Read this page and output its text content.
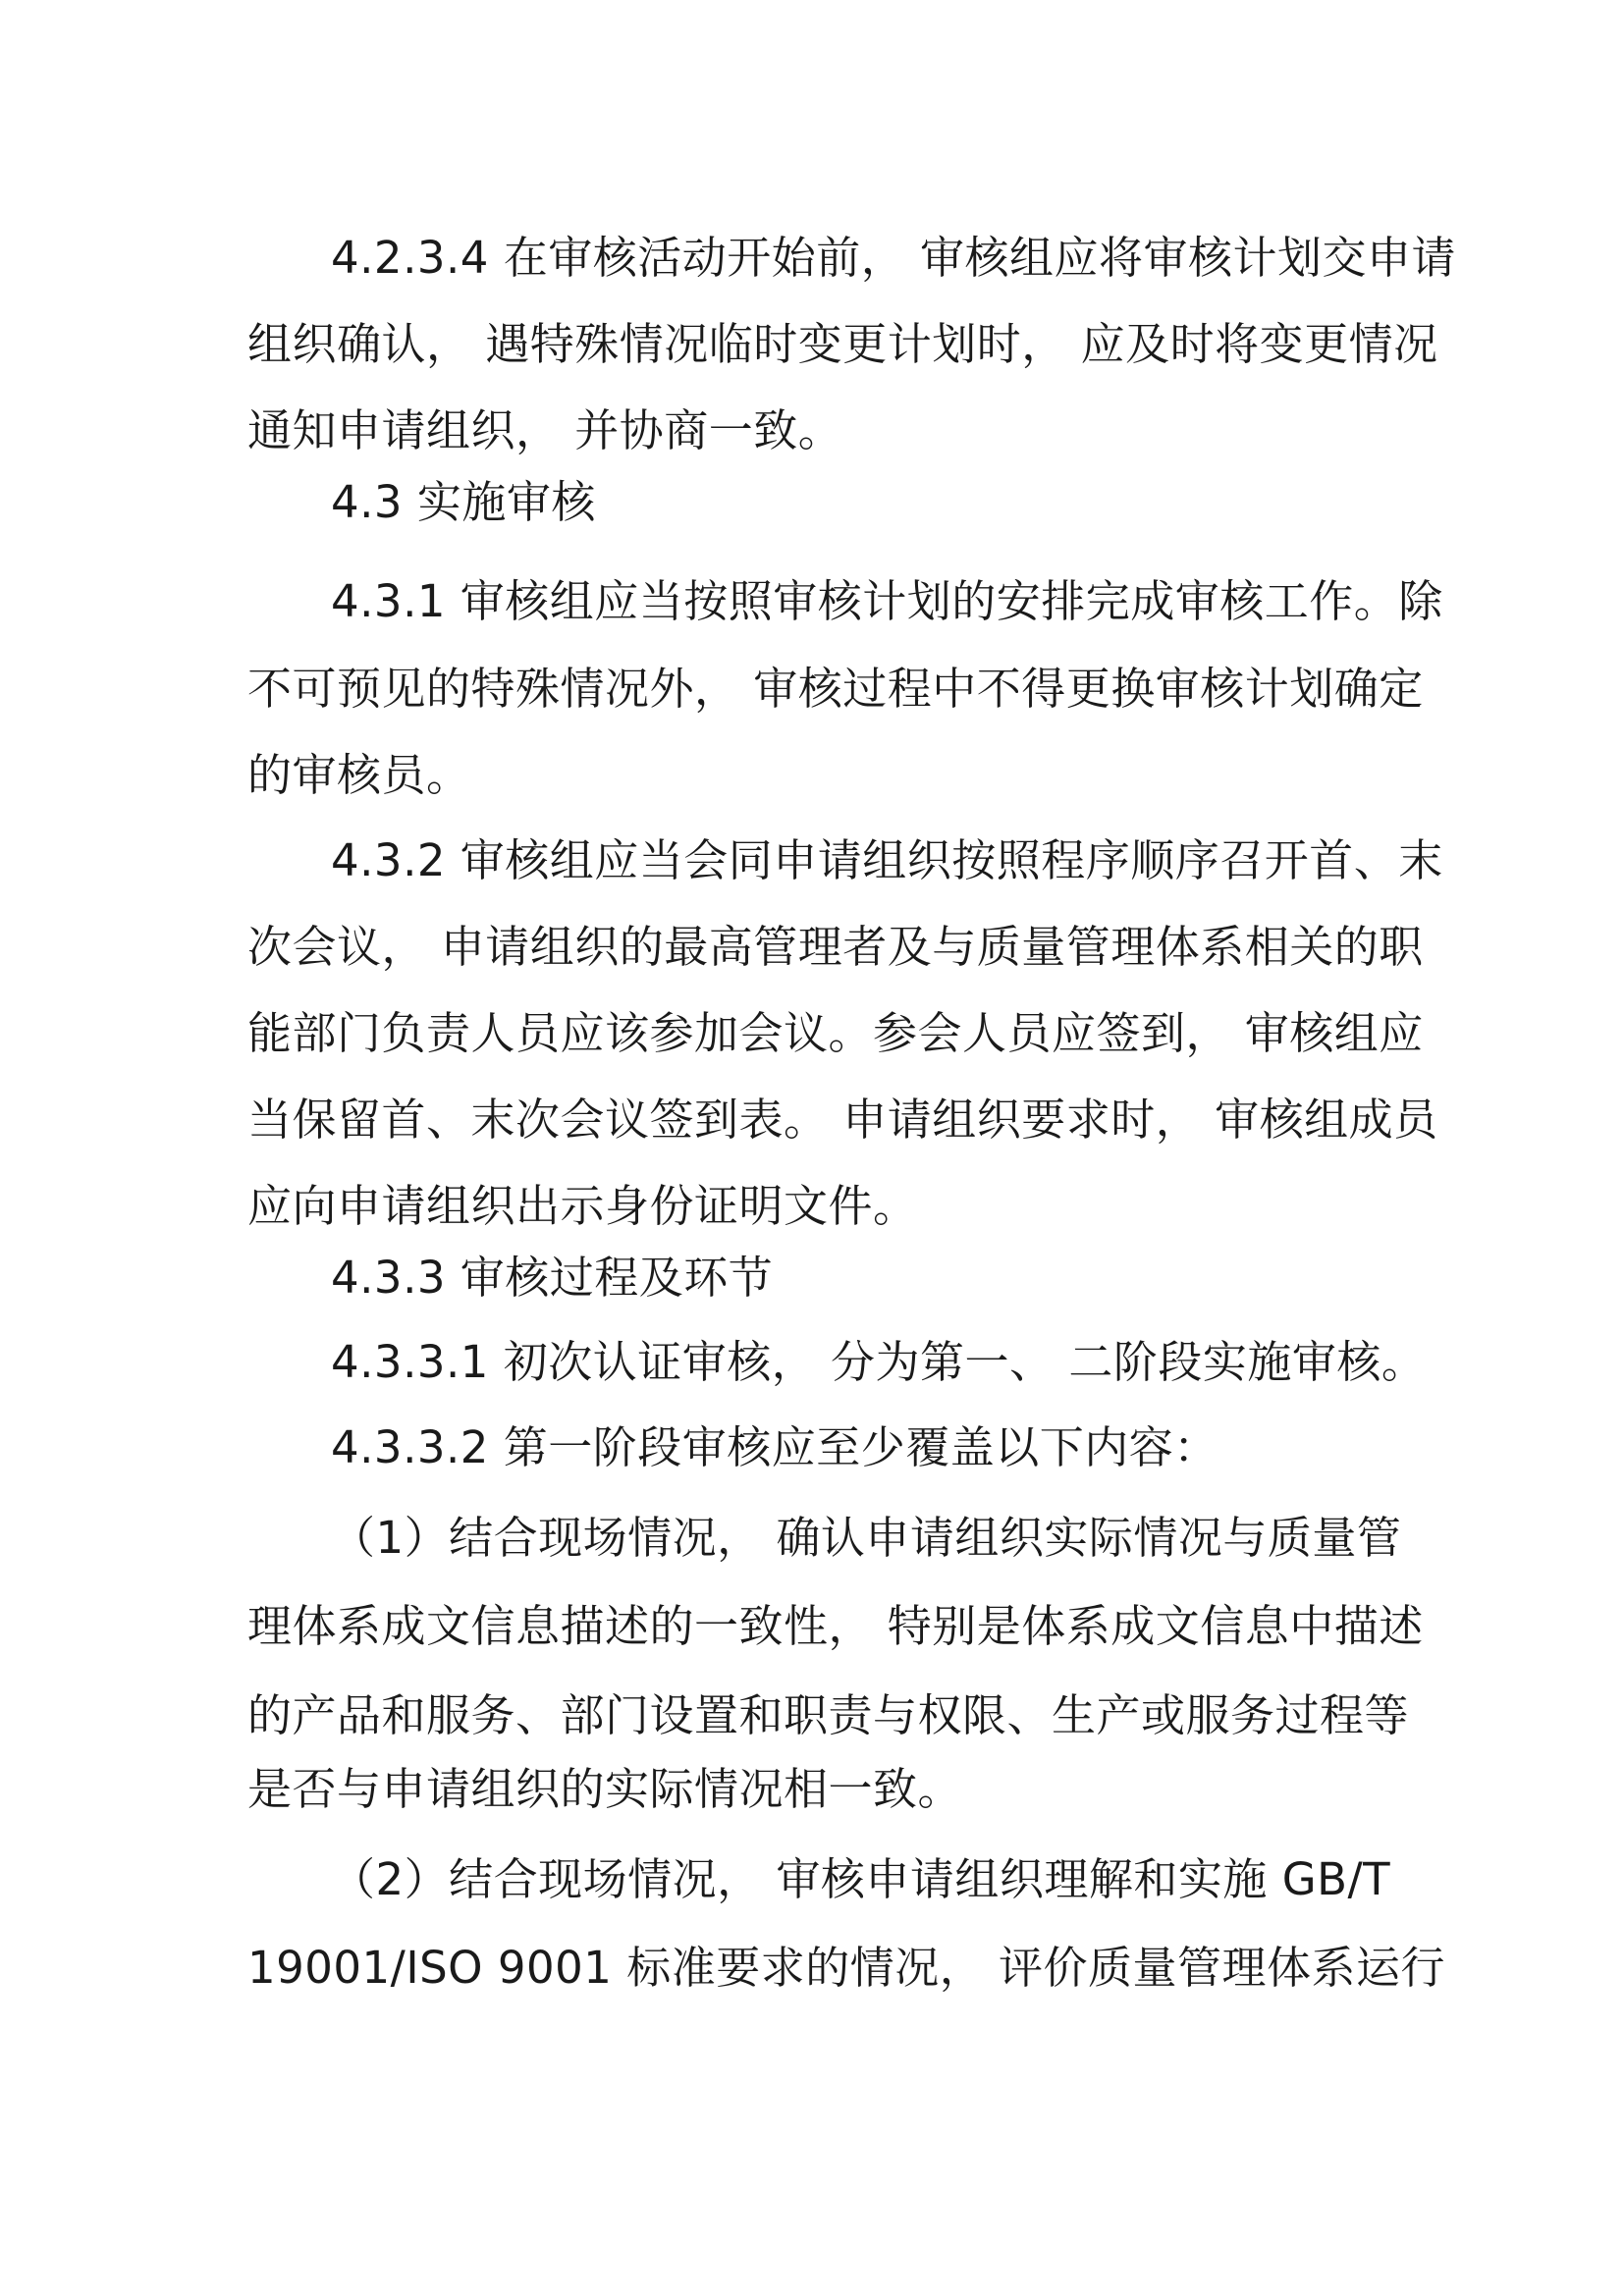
4.2.3.4 在审核活动开始前， 审核组应将审核计划交申请
组织确认， 遇特殊情况临时变更计划时， 应及时将变更情况
通知申请组织， 并协商一致。
4.3 实施审核
4.3.1 审核组应当按照审核计划的安排完成审核工作。除
不可预见的特殊情况外， 审核过程中不得更换审核计划确定
的审核员。
4.3.2 审核组应当会同申请组织按照程序顺序召开首、末
次会议， 申请组织的最高管理者及与质量管理体系相关的职
能部门负责人员应该参加会议。参会人员应签到， 审核组应
当保留首、末次会议签到表。 申请组织要求时， 审核组成员
应向申请组织出示身份证明文件。
4.3.3 审核过程及环节
4.3.3.1 初次认证审核， 分为第一、 二阶段实施审核。
4.3.3.2 第一阶段审核应至少覆盖以下内容：
（1）结合现场情况， 确认申请组织实际情况与质量管
理体系成文信息描述的一致性， 特别是体系成文信息中描述
的产品和服务、部门设置和职责与权限、生产或服务过程等
是否与申请组织的实际情况相一致。
（2）结合现场情况， 审核申请组织理解和实施 GB/T
19001/ISO 9001 标准要求的情况， 评价质量管理体系运行
